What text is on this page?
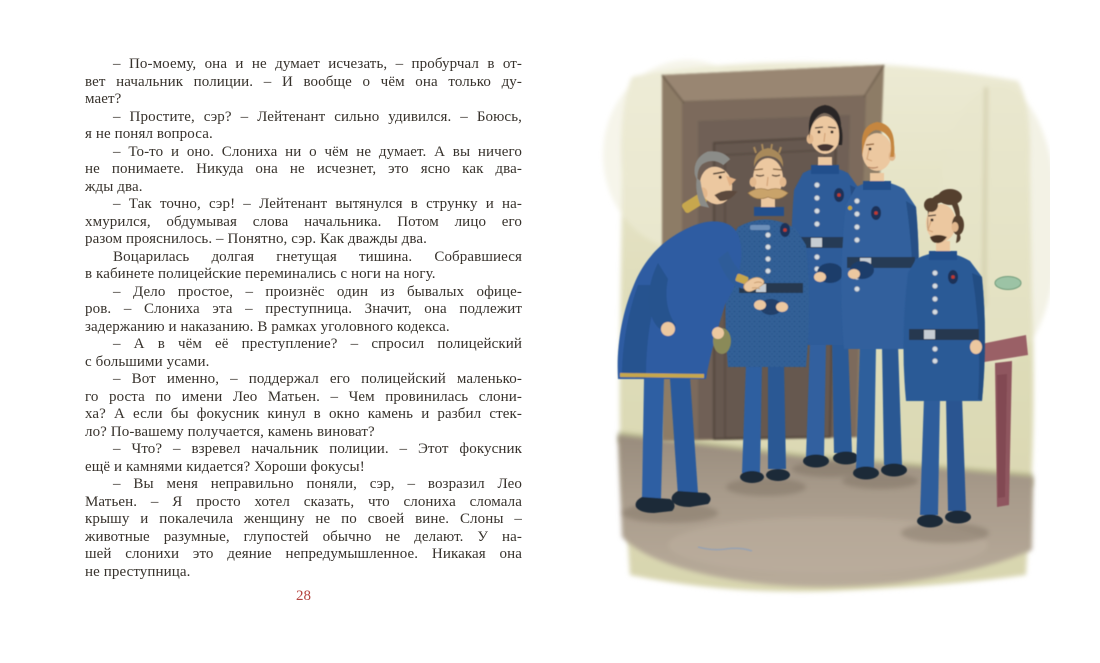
– По-моему, она и не думает исчезать, – пробурчал в от-
вет начальник полиции. – И вообще о чём она только ду-
мает?
– Простите, сэр? – Лейтенант сильно удивился. – Боюсь,
я не понял вопроса.
– То-то и оно. Слониха ни о чём не думает. А вы ничего
не понимаете. Никуда она не исчезнет, это ясно как два-
жды два.
– Так точно, сэр! – Лейтенант вытянулся в струнку и на-
хмурился, обдумывая слова начальника. Потом лицо его
разом прояснилось. – Понятно, сэр. Как дважды два.
Воцарилась долгая гнетущая тишина. Собравшиеся
в кабинете полицейские переминались с ноги на ногу.
– Дело простое, – произнёс один из бывалых офице-
ров. – Слониха эта – преступница. Значит, она подлежит
задержанию и наказанию. В рамках уголовного кодекса.
– А в чём её преступление? – спросил полицейский
с большими усами.
– Вот именно, – поддержал его полицейский маленько-
го роста по имени Лео Матьен. – Чем провинилась слони-
ха? А если бы фокусник кинул в окно камень и разбил стек-
ло? По-вашему получается, камень виноват?
– Что? – взревел начальник полиции. – Этот фокусник
ещё и камнями кидается? Хороши фокусы!
– Вы меня неправильно поняли, сэр, – возразил Лео
Матьен. – Я просто хотел сказать, что слониха сломала
крышу и покалечила женщину не по своей вине. Слоны –
животные разумные, глупостей обычно не делают. У на-
шей слонихи это деяние непредумышленное. Никакая она
не преступница.
28
